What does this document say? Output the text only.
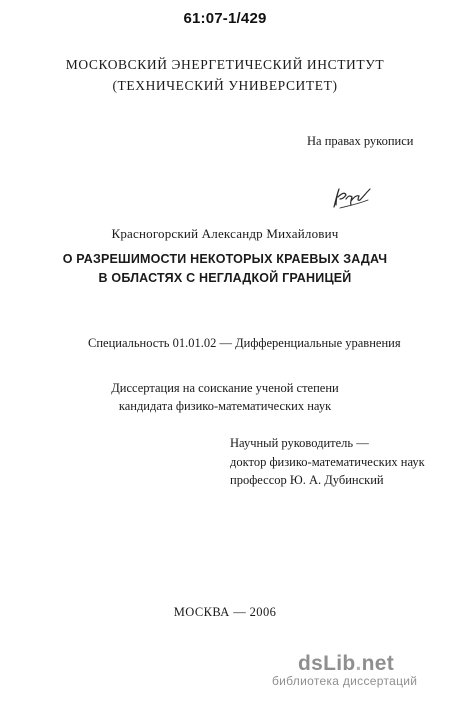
61:07-1/429
МОСКОВСКИЙ ЭНЕРГЕТИЧЕСКИЙ ИНСТИТУТ
(ТЕХНИЧЕСКИЙ УНИВЕРСИТЕТ)
На правах рукописи
Красногорский Александр Михайлович
О РАЗРЕШИМОСТИ НЕКОТОРЫХ КРАЕВЫХ ЗАДАЧ
В ОБЛАСТЯХ С НЕГЛАДКОЙ ГРАНИЦЕЙ
Специальность 01.01.02 — Дифференциальные уравнения
Диссертация на соискание ученой степени
кандидата физико-математических наук
Научный руководитель —
доктор физико-математических наук
профессор Ю. А. Дубинский
МОСКВА — 2006
dsLib.net
библиотека диссертаций
